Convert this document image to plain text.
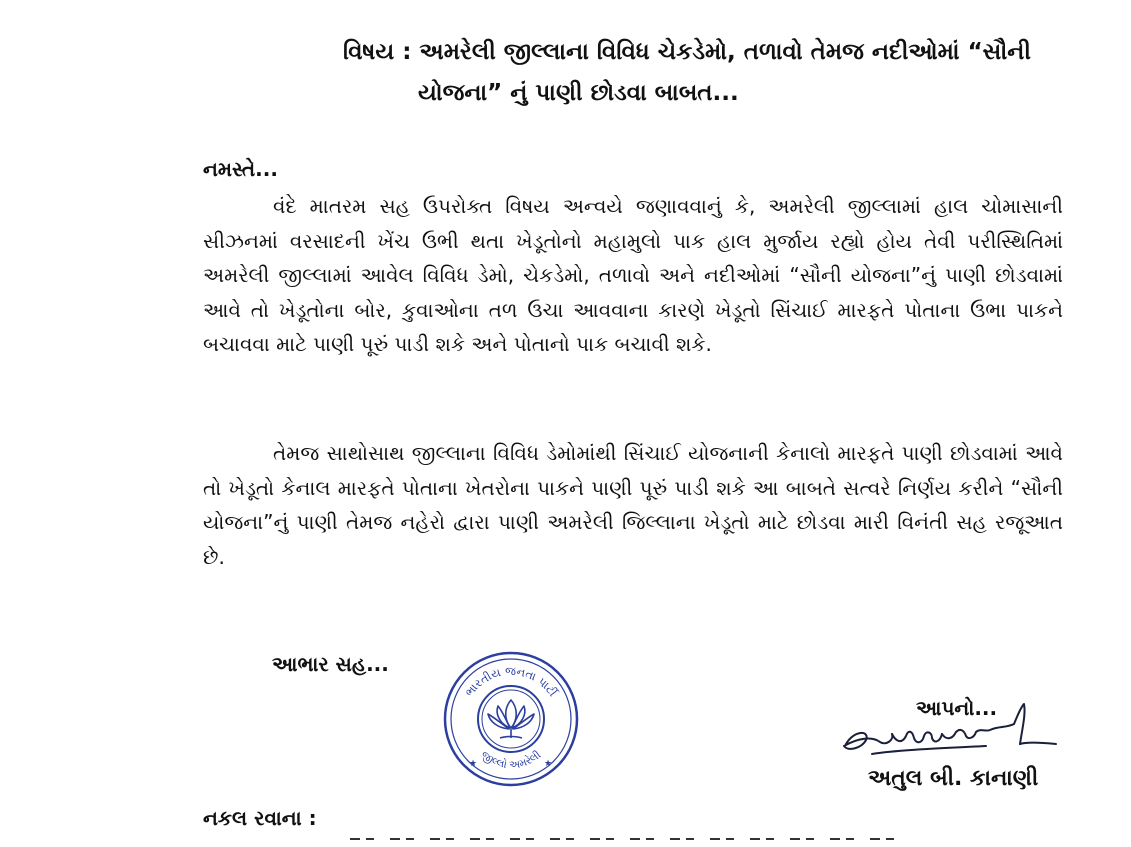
વિષય : અમરેલી જીલ્લાના વિવિધ ચેકડેમો, તળાવો તેમજ નદીઓમાં “સૌની
યોજના” નું પાણી છોડવા બાબત...
નમસ્તે...
વંદે માતરમ સહ ઉપરોક્ત વિષય અન્વયે જણાવવાનું કે, અમરેલી જીલ્લામાં હાલ ચોમાસાની સીઝનમાં વરસાદની ખેંચ ઉભી થતા ખેડૂતોનો મહામુલો પાક હાલ મુર્જાય રહ્યો હોય તેવી પરીસ્થિતિમાં અમરેલી જીલ્લામાં આવેલ વિવિધ ડેમો, ચેકડેમો, તળાવો અને નદીઓમાં “સૌની યોજના”નું પાણી છોડવામાં આવે તો ખેડૂતોના બોર, કુવાઓના તળ ઉચા આવવાના કારણે ખેડૂતો સિંચાઈ મારફતે પોતાના ઉભા પાકને બચાવવા માટે પાણી પૂરું પાડી શકે અને પોતાનો પાક બચાવી શકે.
તેમજ સાથોસાથ જીલ્લાના વિવિધ ડેમોમાંથી સિંચાઈ યોજનાની કેનાલો મારફતે પાણી છોડવામાં આવે તો ખેડૂતો કેનાલ મારફતે પોતાના ખેતરોના પાકને પાણી પૂરું પાડી શકે આ બાબતે સત્વરે નિર્ણય કરીને “સૌની યોજના”નું પાણી તેમજ નહેરો દ્વારા પાણી અમરેલી જિલ્લાના ખેડૂતો માટે છોડવા મારી વિનંતી સહ રજૂઆત છે.
આભાર સહ...
ભારતીય જનતા પાર્ટી
જીલ્લો અમરેલી
★	★
આપનો...
અતુલ બી. કાનાણી
નકલ રવાના :
